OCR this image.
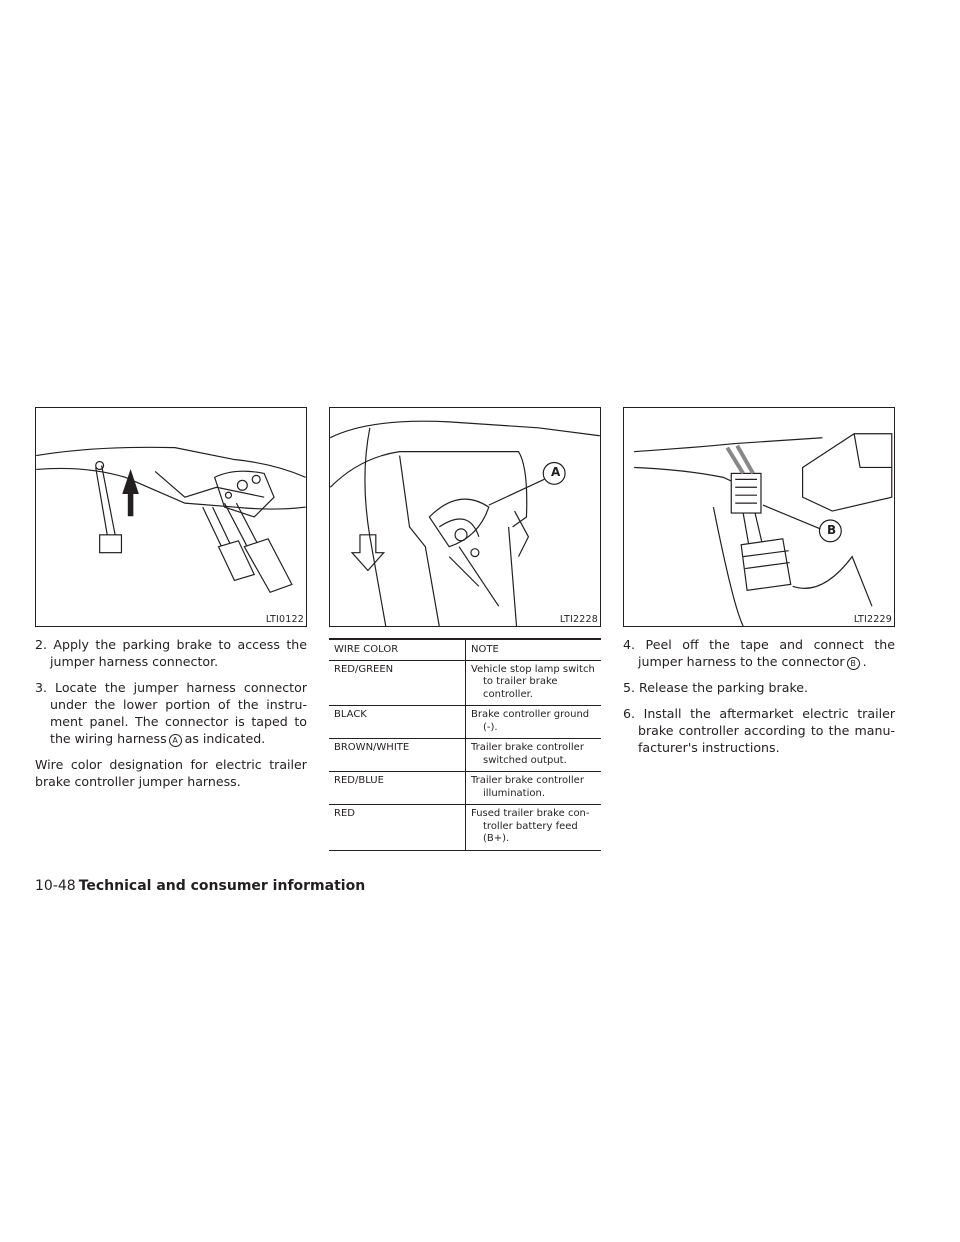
LTI0122
A
LTI2228
B
LTI2229

2. Apply the parking brake to access the jumper harness connector.

3. Locate the jumper harness connector under the lower portion of the instru-ment panel. The connector is taped to the wiring harness A as indicated.

Wire color designation for electric trailer brake controller jumper harness.

WIRE COLOR	NOTE
RED/GREEN	Vehicle stop lamp switch to trailer brake controller.

BLACK	Brake controller ground (-).

BROWN/WHITE	Trailer brake controller switched output.

RED/BLUE	Trailer brake controller illumination.

RED	Fused trailer brake con-troller battery feed (B+).

4. Peel off the tape and connect the jumper harness to the connector B .

5. Release the parking brake.

6. Install the aftermarket electric trailer brake controller according to the manu-facturer's instructions.

10-48 Technical and consumer information
